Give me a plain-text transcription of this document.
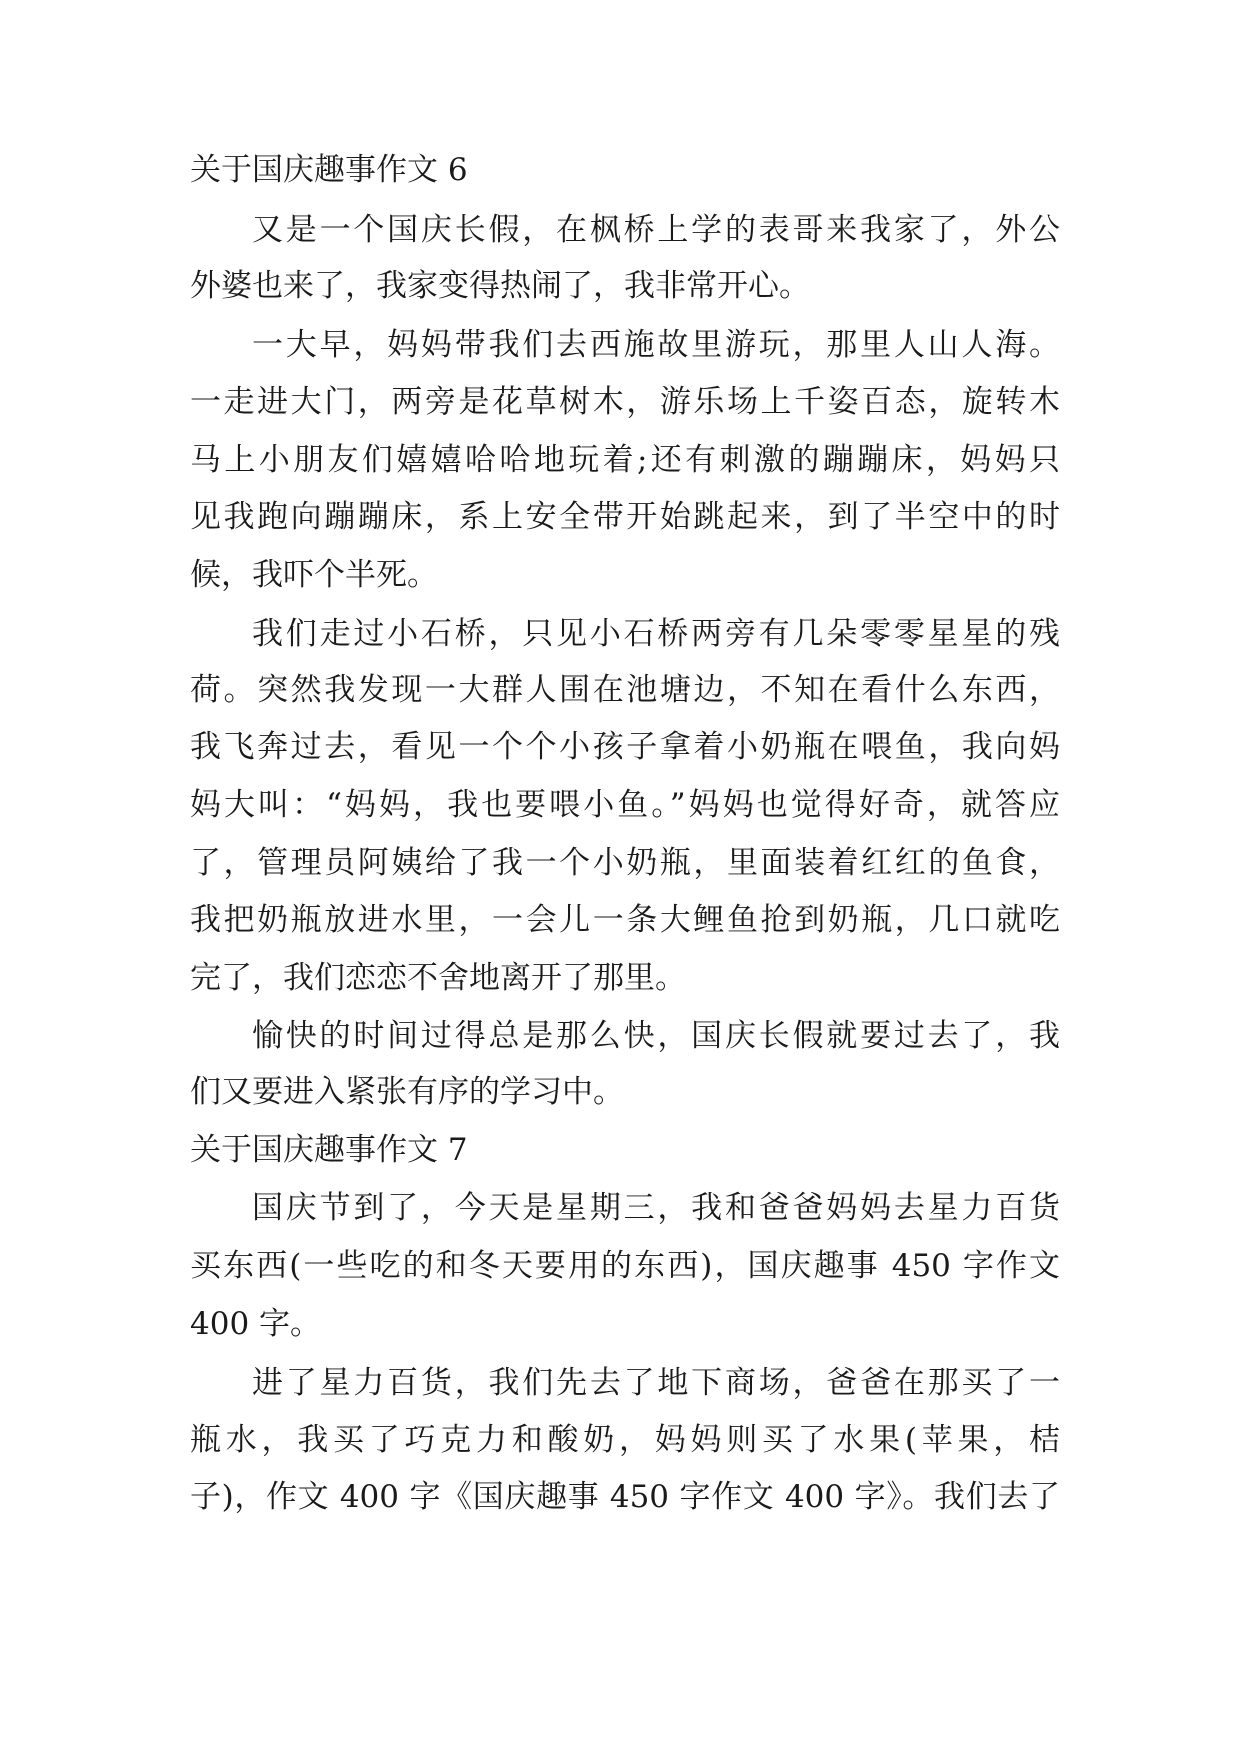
关于国庆趣事作文 6
又是一个国庆长假，在枫桥上学的表哥来我家了，外公
外婆也来了，我家变得热闹了，我非常开心。
一大早，妈妈带我们去西施故里游玩，那里人山人海。
一走进大门，两旁是花草树木，游乐场上千姿百态，旋转木
马上小朋友们嬉嬉哈哈地玩着;还有刺激的蹦蹦床，妈妈只
见我跑向蹦蹦床，系上安全带开始跳起来，到了半空中的时
候，我吓个半死。
我们走过小石桥，只见小石桥两旁有几朵零零星星的残
荷。突然我发现一大群人围在池塘边，不知在看什么东西，
我飞奔过去，看见一个个小孩子拿着小奶瓶在喂鱼，我向妈
妈大叫：“妈妈，我也要喂小鱼。”妈妈也觉得好奇，就答应
了，管理员阿姨给了我一个小奶瓶，里面装着红红的鱼食，
我把奶瓶放进水里，一会儿一条大鲤鱼抢到奶瓶，几口就吃
完了，我们恋恋不舍地离开了那里。
愉快的时间过得总是那么快，国庆长假就要过去了，我
们又要进入紧张有序的学习中。
关于国庆趣事作文 7
国庆节到了，今天是星期三，我和爸爸妈妈去星力百货
买东西(一些吃的和冬天要用的东西)，国庆趣事 450 字作文
400 字。
进了星力百货，我们先去了地下商场，爸爸在那买了一
瓶水，我买了巧克力和酸奶，妈妈则买了水果(苹果，桔
子)，作文 400 字《国庆趣事 450 字作文 400 字》。我们去了
